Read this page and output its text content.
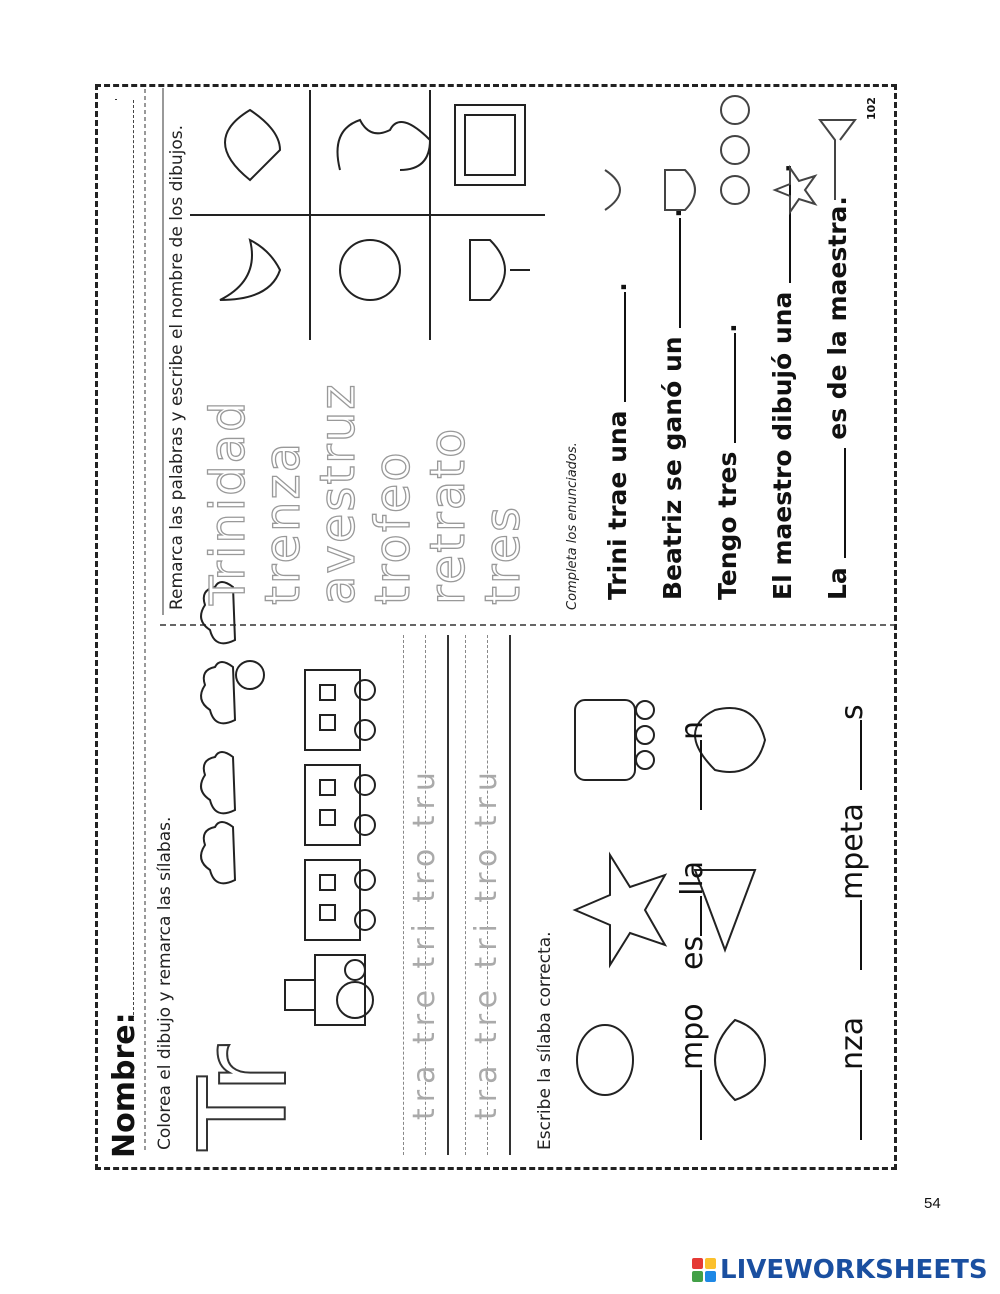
Nombre: Colorea el dibujo y remarca las sílabas. Tr	tra tre tri tro tru tra tre tri tro tru Escribe la sílaba correcta.	mpo
eslla
n
nza
mpeta
s
Remarca las palabras y escribe el nombre de los dibujos. Trinidad trenza avestruz trofeo retrato tres	Completa los enunciados. Trini trae una .
Beatriz se ganó un .
Tengo tres . El maestro dibujó una .
La  es de la maestra.
102
54
LIVEWORKSHEETS
